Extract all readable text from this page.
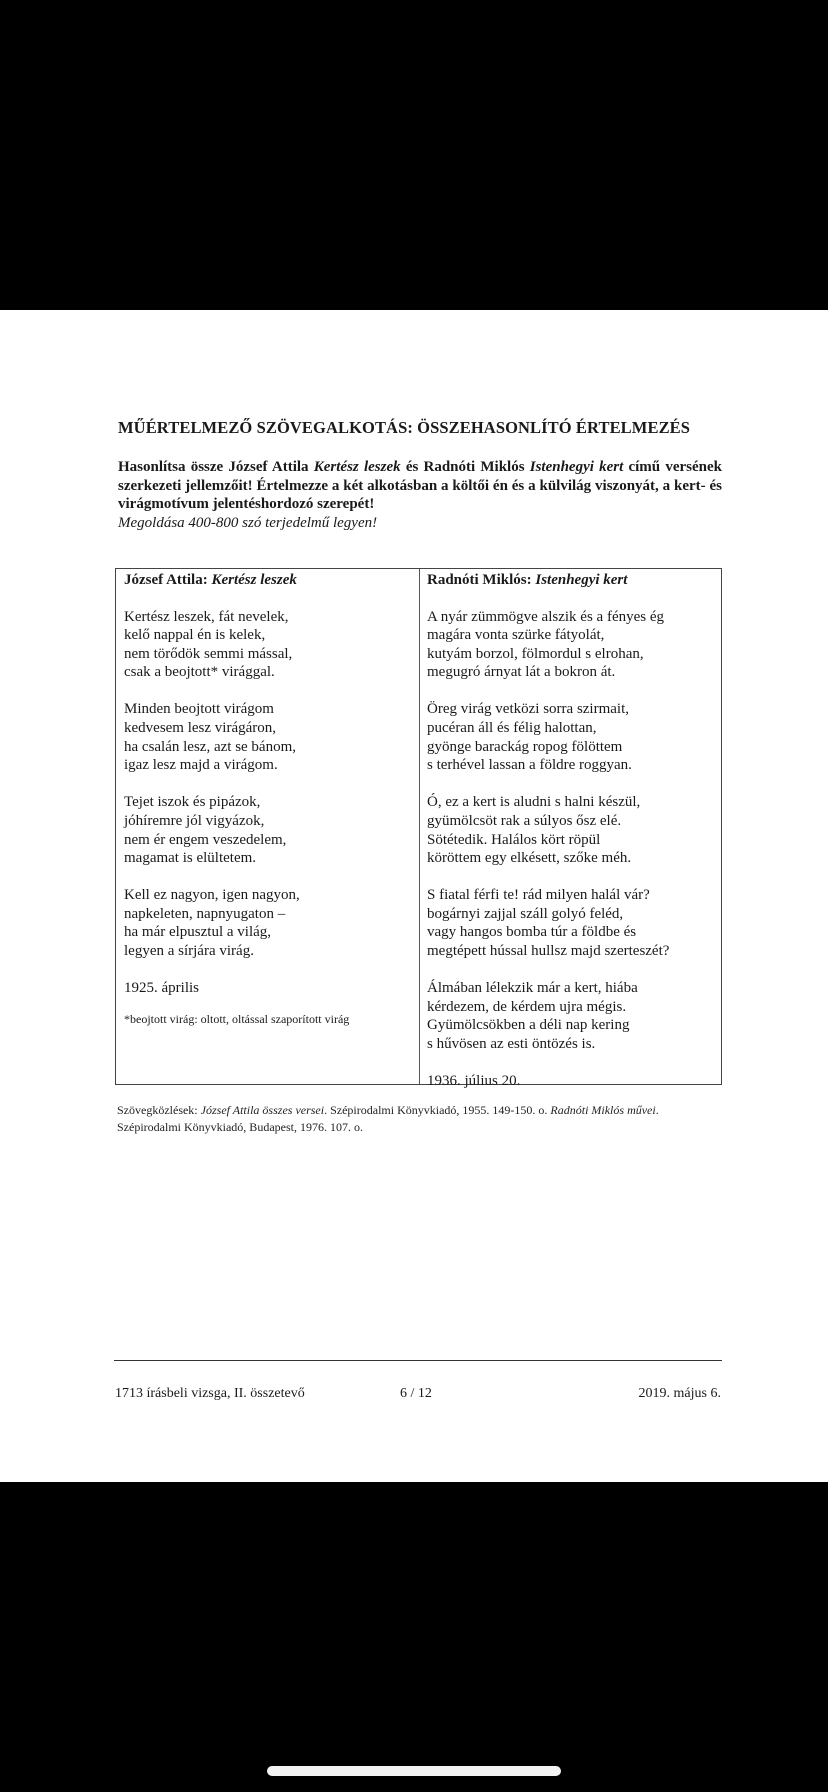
MŰÉRTELMEZŐ SZÖVEGALKOTÁS: ÖSSZEHASONLÍTÓ ÉRTELMEZÉS
Hasonlítsa össze József Attila Kertész leszek és Radnóti Miklós Istenhegyi kert című versének szerkezeti jellemzőit! Értelmezze a két alkotásban a költői én és a külvilág viszonyát, a kert- és virágmotívum jelentéshordozó szerepét!
Megoldása 400-800 szó terjedelmű legyen!
József Attila: Kertész leszek
Kertész leszek, fát nevelek,
kelő nappal én is kelek,
nem törődök semmi mással,
csak a beojtott* virággal.
Minden beojtott virágom
kedvesem lesz virágáron,
ha csalán lesz, azt se bánom,
igaz lesz majd a virágom.
Tejet iszok és pipázok,
jóhíremre jól vigyázok,
nem ér engem veszedelem,
magamat is elültetem.
Kell ez nagyon, igen nagyon,
napkeleten, napnyugaton –
ha már elpusztul a világ,
legyen a sírjára virág.
1925. április
*beojtott virág: oltott, oltással szaporított virág
Radnóti Miklós: Istenhegyi kert
A nyár zümmögve alszik és a fényes ég
magára vonta szürke fátyolát,
kutyám borzol, fölmordul s elrohan,
megugró árnyat lát a bokron át.
Öreg virág vetközi sorra szirmait,
pucéran áll és félig halottan,
gyönge barackág ropog fölöttem
s terhével lassan a földre roggyan.
Ó, ez a kert is aludni s halni készül,
gyümölcsöt rak a súlyos ősz elé.
Sötétedik. Halálos kört röpül
köröttem egy elkésett, szőke méh.
S fiatal férfi te! rád milyen halál vár?
bogárnyi zajjal száll golyó feléd,
vagy hangos bomba túr a földbe és
megtépett hússal hullsz majd szerteszét?
Álmában lélekzik már a kert, hiába
kérdezem, de kérdem ujra mégis.
Gyümölcsökben a déli nap kering
s hűvösen az esti öntözés is.
1936. július 20.
Szövegközlések: József Attila összes versei. Szépirodalmi Könyvkiadó, 1955. 149-150. o. Radnóti Miklós művei. Szépirodalmi Könyvkiadó, Budapest, 1976. 107. o.
1713 írásbeli vizsga, II. összetevő	6 / 12	2019. május 6.
